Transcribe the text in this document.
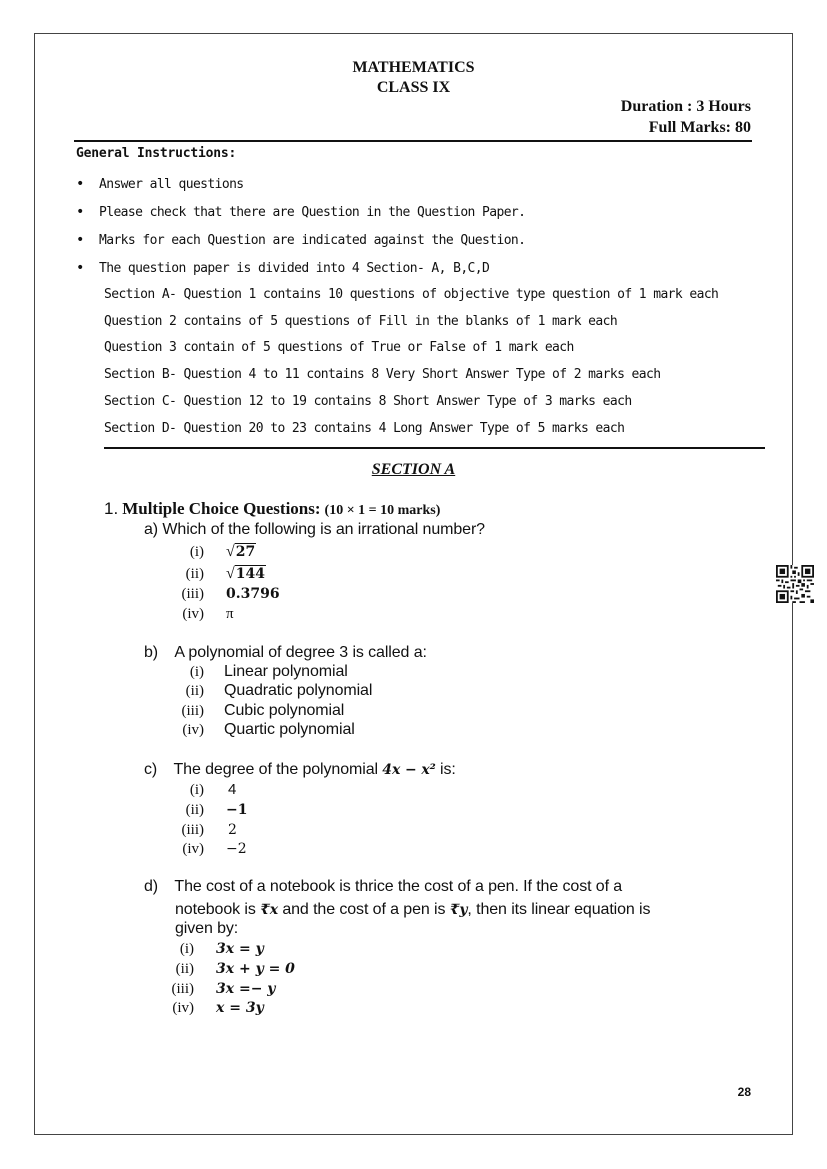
MATHEMATICS
CLASS IX
Duration : 3 Hours
Full Marks: 80
General Instructions:
• Answer all questions
• Please check that there are Question in the Question Paper.
• Marks for each Question are indicated against the Question.
• The question paper is divided into 4 Section- A, B,C,D
Section A- Question 1 contains 10 questions of objective type question of 1 mark each
Question 2 contains of 5 questions of Fill in the blanks of 1 mark each
Question 3 contain of 5 questions of True or False of 1 mark each
Section B- Question 4 to 11 contains 8 Very Short Answer Type of 2 marks each
Section C- Question 12 to 19 contains 8 Short Answer Type of 3 marks each
Section D- Question 20 to 23 contains 4 Long Answer Type of 5 marks each
SECTION A
1. Multiple Choice Questions: (10 × 1 = 10 marks)
a) Which of the following is an irrational number?
(i) √27
(ii) √144
(iii) 0.3796
(iv) π
b) A polynomial of degree 3 is called a:
(i) Linear polynomial
(ii) Quadratic polynomial
(iii) Cubic polynomial
(iv) Quartic polynomial
c) The degree of the polynomial 4x − x² is:
(i) 4
(ii) −1
(iii) 2
(iv) −2
d) The cost of a notebook is thrice the cost of a pen. If the cost of a
notebook is ₹x and the cost of a pen is ₹y, then its linear equation is
given by:
(i) 3x = y
(ii) 3x + y = 0
(iii) 3x =− y
(iv) x = 3y
28
